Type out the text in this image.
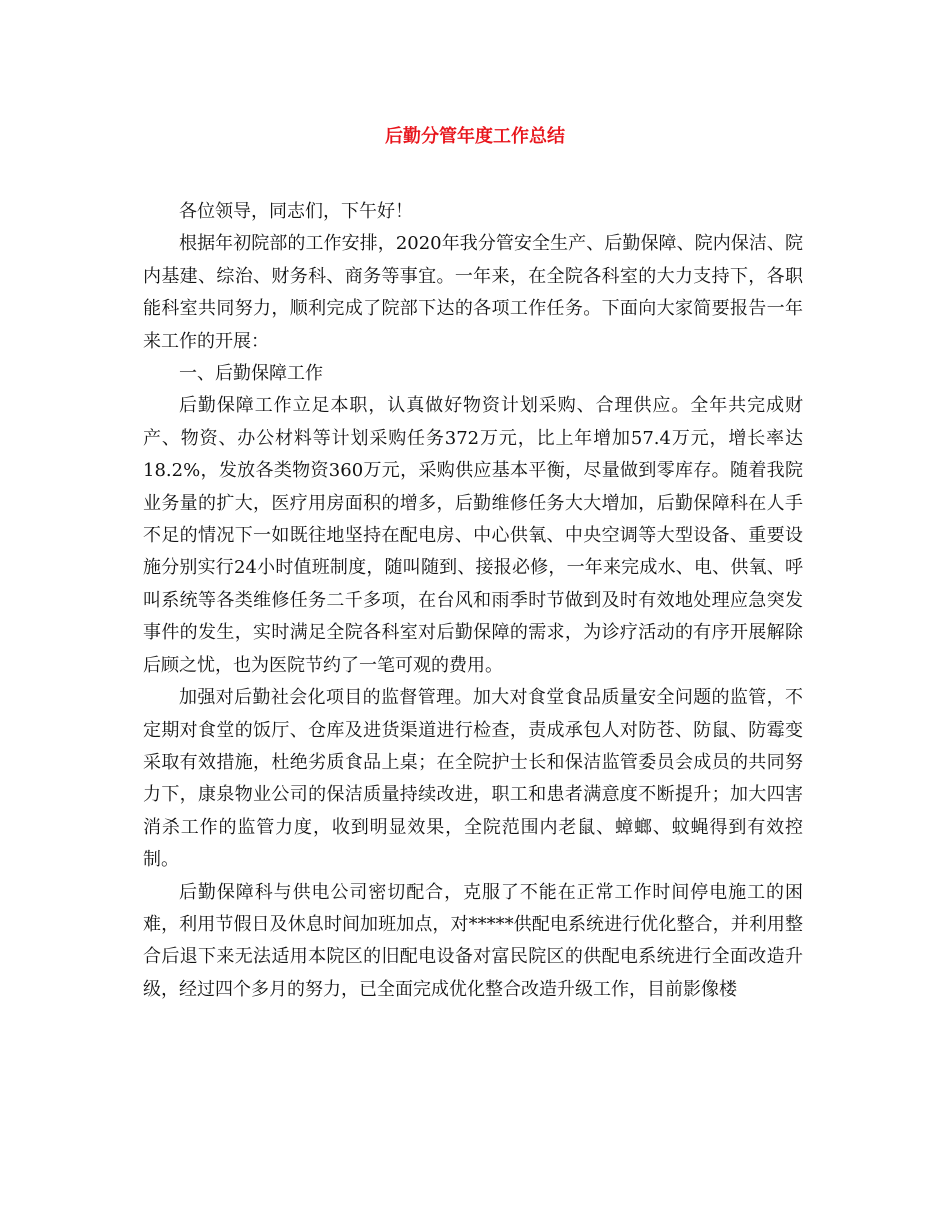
后勤分管年度工作总结

各位领导，同志们，下午好！

根据年初院部的工作安排，2020年我分管安全生产、后勤保障、院内保洁、院内基建、综治、财务科、商务等事宜。一年来，在全院各科室的大力支持下，各职能科室共同努力，顺利完成了院部下达的各项工作任务。下面向大家简要报告一年来工作的开展：

一、后勤保障工作

后勤保障工作立足本职，认真做好物资计划采购、合理供应。全年共完成财产、物资、办公材料等计划采购任务372万元，比上年增加57.4万元，增长率达18.2%，发放各类物资360万元，采购供应基本平衡，尽量做到零库存。随着我院业务量的扩大，医疗用房面积的增多，后勤维修任务大大增加，后勤保障科在人手不足的情况下一如既往地坚持在配电房、中心供氧、中央空调等大型设备、重要设施分别实行24小时值班制度，随叫随到、接报必修，一年来完成水、电、供氧、呼叫系统等各类维修任务二千多项，在台风和雨季时节做到及时有效地处理应急突发事件的发生，实时满足全院各科室对后勤保障的需求，为诊疗活动的有序开展解除后顾之忧，也为医院节约了一笔可观的费用。

加强对后勤社会化项目的监督管理。加大对食堂食品质量安全问题的监管，不定期对食堂的饭厅、仓库及进货渠道进行检查，责成承包人对防苍、防鼠、防霉变采取有效措施，杜绝劣质食品上桌；在全院护士长和保洁监管委员会成员的共同努力下，康泉物业公司的保洁质量持续改进，职工和患者满意度不断提升；加大四害消杀工作的监管力度，收到明显效果，全院范围内老鼠、蟑螂、蚊蝇得到有效控制。

后勤保障科与供电公司密切配合，克服了不能在正常工作时间停电施工的困难，利用节假日及休息时间加班加点，对*****供配电系统进行优化整合，并利用整合后退下来无法适用本院区的旧配电设备对富民院区的供配电系统进行全面改造升级，经过四个多月的努力，已全面完成优化整合改造升级工作，目前影像楼
